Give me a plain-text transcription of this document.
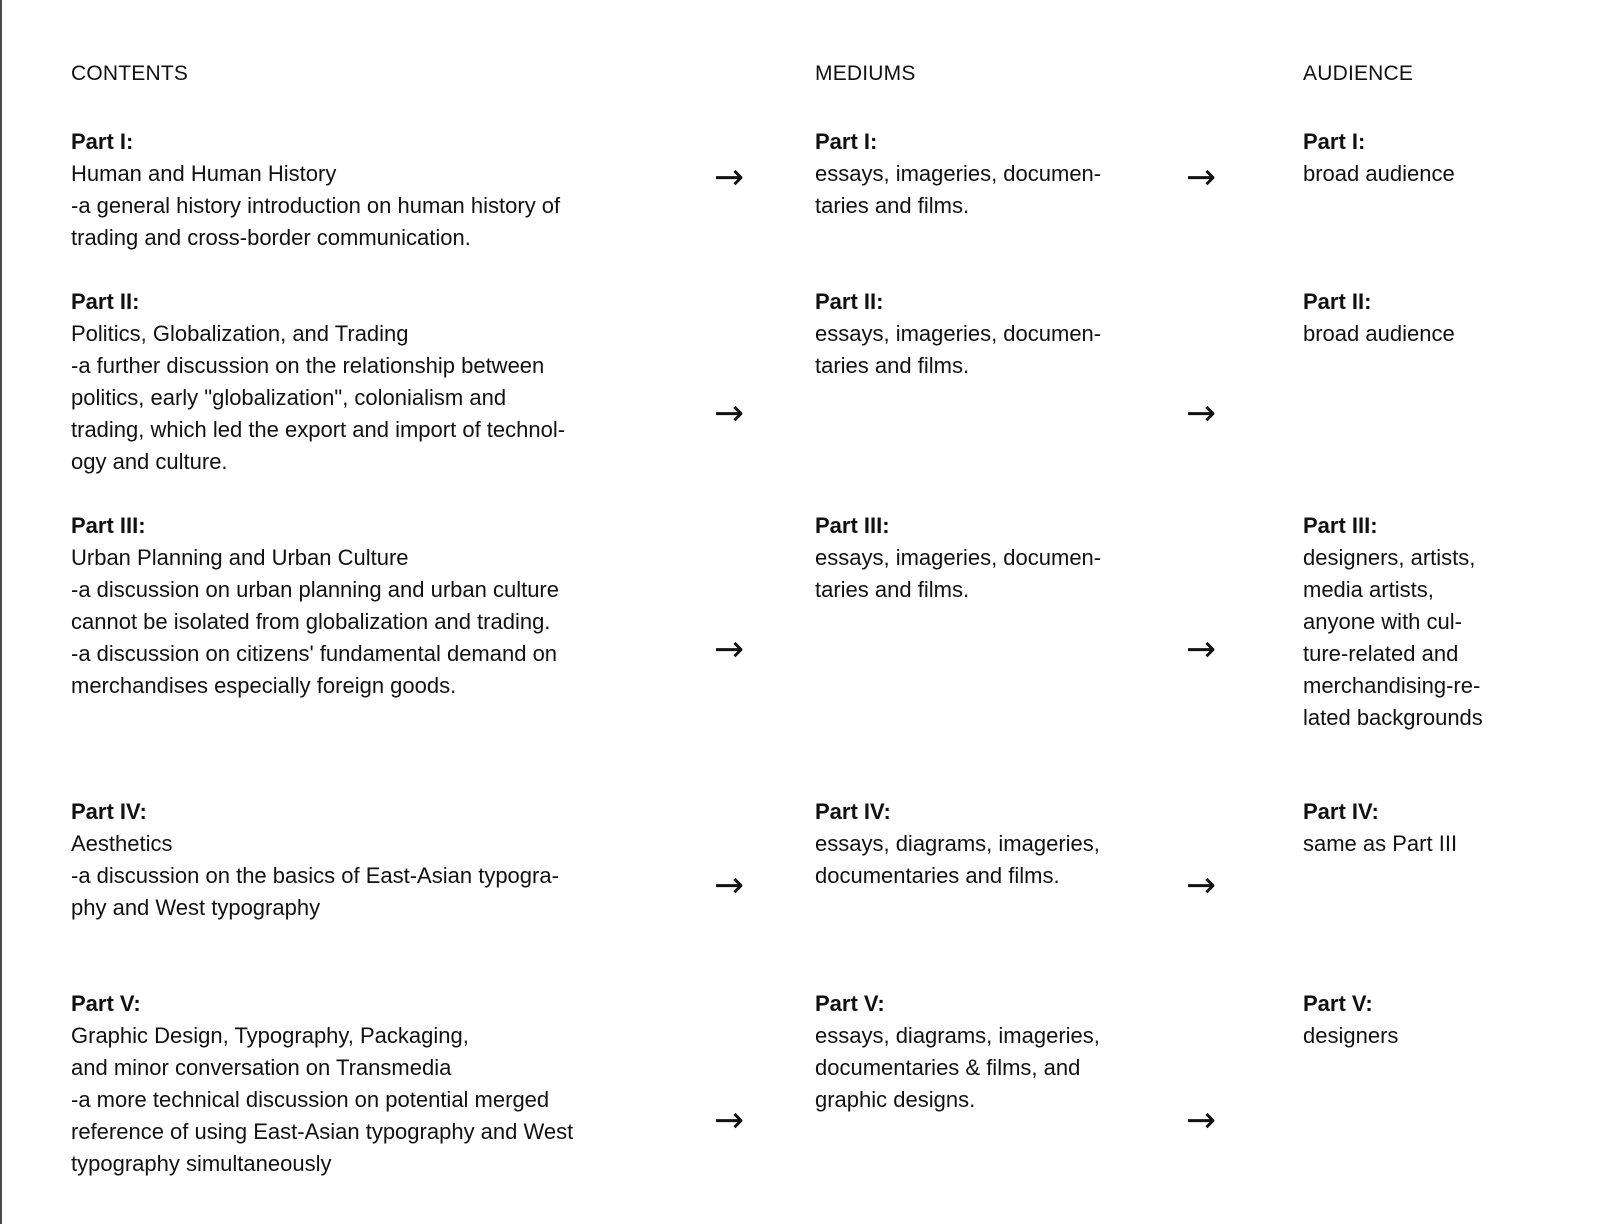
CONTENTS	MEDIUMS	AUDIENCE
Part I:
Human and Human History
-a general history introduction on human history of
trading and cross-border communication.
→
Part I:
essays, imageries, documen-
taries and films.
→
Part I:
broad audience
Part II:
Politics, Globalization, and Trading
-a further discussion on the relationship between
politics, early "globalization", colonialism and
trading, which led the export and import of technol-
ogy and culture.
→
Part II:
essays, imageries, documen-
taries and films.
→
Part II:
broad audience
Part III:
Urban Planning and Urban Culture
-a discussion on urban planning and urban culture
cannot be isolated from globalization and trading.
-a discussion on citizens' fundamental demand on
merchandises especially foreign goods.
→
Part III:
essays, imageries, documen-
taries and films.
→
Part III:
designers, artists,
media artists,
anyone with cul-
ture-related and
merchandising-re-
lated backgrounds
Part IV:
Aesthetics
-a discussion on the basics of East-Asian typogra-
phy and West typography
→
Part IV:
essays, diagrams, imageries,
documentaries and films.	→
Part IV:
same as Part III
Part V:
Graphic Design, Typography, Packaging,
and minor conversation on Transmedia
-a more technical discussion on potential merged
reference of using East-Asian typography and West
typography simultaneously
→
Part V:
essays, diagrams, imageries,
documentaries & films, and
graphic designs.
→
Part V:
designers
